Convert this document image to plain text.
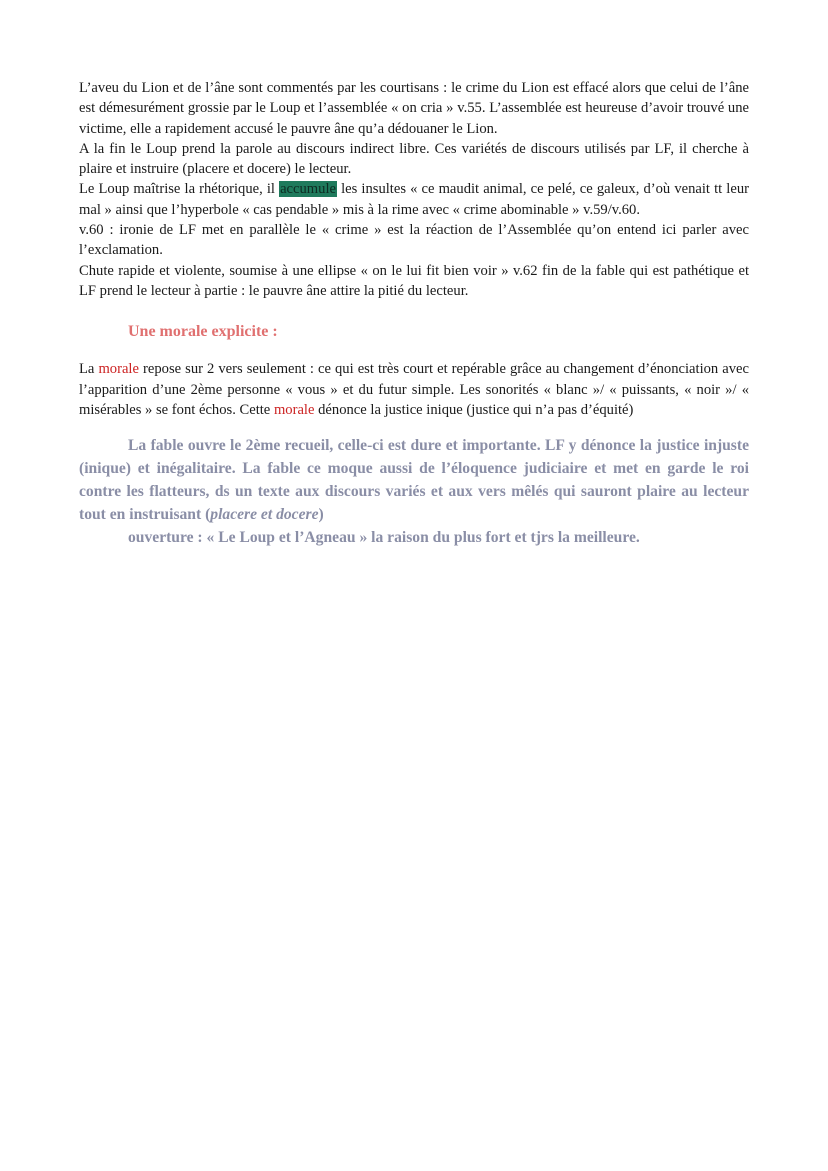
L’aveu du Lion et de l’âne sont commentés par les courtisans : le crime du Lion est effacé alors que celui de l’âne est démesurément grossie par le Loup et l’assemblée « on cria » v.55. L’assemblée est heureuse d’avoir trouvé une victime, elle a rapidement accusé le pauvre âne qu’a dédouaner le Lion.
A la fin le Loup prend la parole au discours indirect libre. Ces variétés de discours utilisés par LF, il cherche à plaire et instruire (placere et docere) le lecteur.
Le Loup maîtrise la rhétorique, il accumule les insultes « ce maudit animal, ce pelé, ce galeux, d’où venait tt leur mal » ainsi que l’hyperbole « cas pendable » mis à la rime avec « crime abominable » v.59/v.60.
v.60 : ironie de LF met en parallèle le « crime » est la réaction de l’Assemblée qu’on entend ici parler avec l’exclamation.
Chute rapide et violente, soumise à une ellipse « on le lui fit bien voir » v.62 fin de la fable qui est pathétique et LF prend le lecteur à partie : le pauvre âne attire la pitié du lecteur.

Une morale explicite :

La morale repose sur 2 vers seulement : ce qui est très court et repérable grâce au changement d’énonciation avec l’apparition d’une 2ème personne « vous » et du futur simple. Les sonorités « blanc »/ « puissants, « noir »/ « misérables » se font échos. Cette morale dénonce la justice inique (justice qui n’a pas d’équité)

La fable ouvre le 2ème recueil, celle-ci est dure et importante. LF y dénonce la justice injuste (inique) et inégalitaire. La fable ce moque aussi de l’éloquence judiciaire et met en garde le roi contre les flatteurs, ds un texte aux discours variés et aux vers mêlés qui sauront plaire au lecteur tout en instruisant (placere et docere)

ouverture : « Le Loup et l’Agneau » la raison du plus fort et tjrs la meilleure.
